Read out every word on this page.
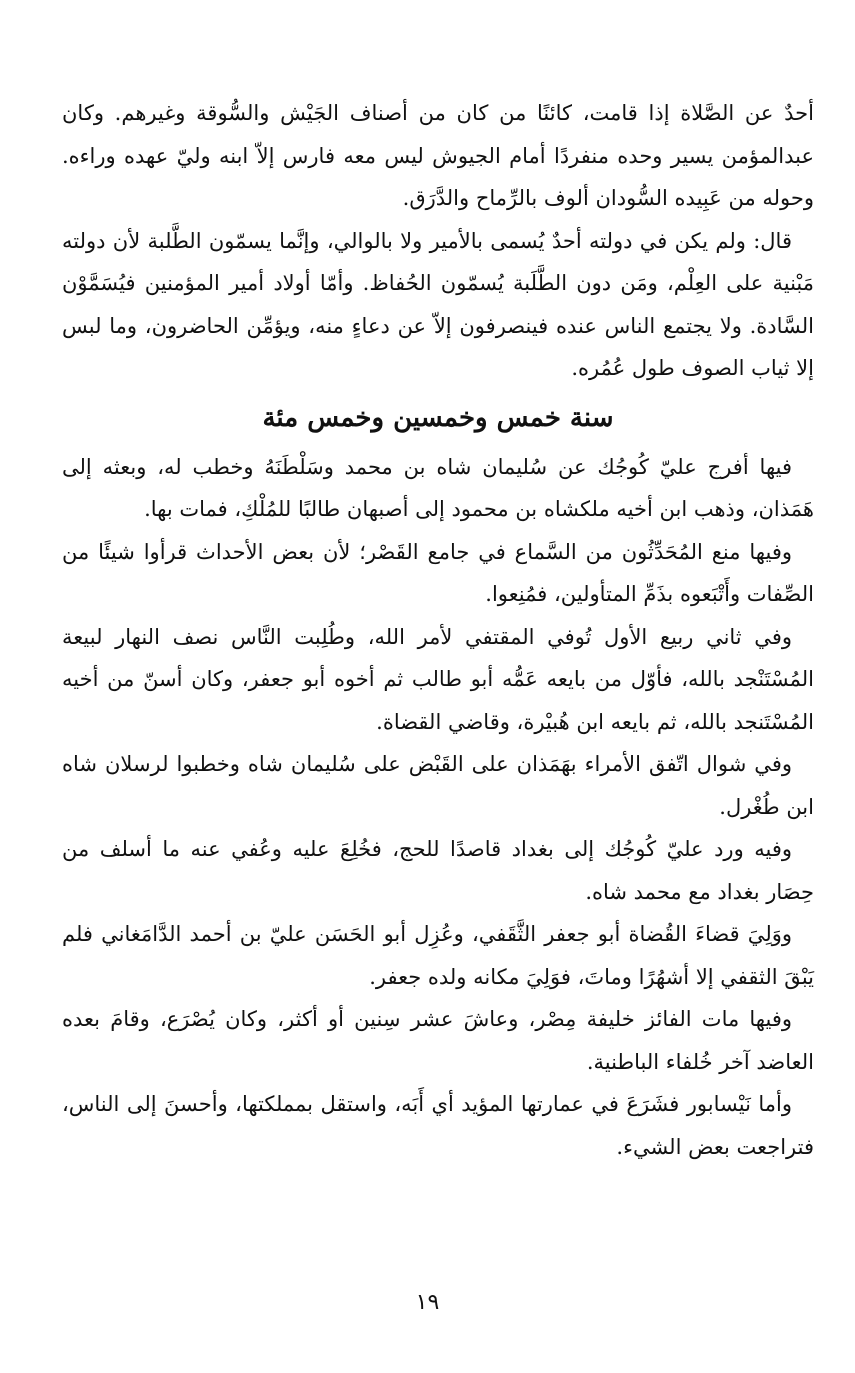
أحدٌ عن الصَّلاة إذا قامت، كائنًا من كان من أصناف الجَيْش والسُّوقة وغيرهم. وكان عبدالمؤمن يسير وحده منفردًا أمام الجيوش ليس معه فارس إلاّ ابنه وليّ عهده وراءه. وحوله من عَبِيده السُّودان ألوف بالرِّماح والدَّرَق.

قال: ولم يكن في دولته أحدٌ يُسمى بالأمير ولا بالوالي، وإنَّما يسمّون الطَّلبة لأن دولته مَبْنية على العِلْم، ومَن دون الطَّلَبة يُسمّون الحُفاظ. وأمّا أولاد أمير المؤمنين فيُسَمَّوْن السَّادة. ولا يجتمع الناس عنده فينصرفون إلاّ عن دعاءٍ منه، ويؤمِّن الحاضرون، وما لبس إلا ثياب الصوف طول عُمُره.

سنة خمس وخمسين وخمس مئة

فيها أفرج عليّ كُوجُك عن سُليمان شاه بن محمد وسَلْطَنَهُ وخطب له، وبعثه إلى هَمَذان، وذهب ابن أخيه ملكشاه بن محمود إلى أصبهان طالبًا للمُلْكِ، فمات بها.

وفيها منع المُحَدِّثُون من السَّماع في جامع القَصْر؛ لأن بعض الأحداث قرأوا شيئًا من الصِّفات وأَتْبَعوه بذَمِّ المتأولين، فمُنِعوا.

وفي ثاني ربيع الأول تُوفي المقتفي لأمر الله، وطُلِبت النَّاس نصف النهار لبيعة المُسْتَنْجد بالله، فأوّل من بايعه عَمُّه أبو طالب ثم أخوه أبو جعفر، وكان أسنّ من أخيه المُسْتَنجد بالله، ثم بايعه ابن هُبيْرة، وقاضي القضاة.

وفي شوال اتّفق الأمراء بهَمَذان على القَبْض على سُليمان شاه وخطبوا لرسلان شاه ابن طُغْرل.

وفيه ورد عليّ كُوجُك إلى بغداد قاصدًا للحج، فخُلِعَ عليه وعُفي عنه ما أسلف من حِصَار بغداد مع محمد شاه.

ووَلِيَ قضاءَ القُضاة أبو جعفر الثَّقَفي، وعُزِل أبو الحَسَن عليّ بن أحمد الدَّامَغاني فلم يَبْقَ الثقفي إلا أشهُرًا وماتَ، فوَلِيَ مكانه ولده جعفر.

وفيها مات الفائز خليفة مِصْر، وعاشَ عشر سِنين أو أكثر، وكان يُصْرَع، وقامَ بعده العاضد آخر خُلفاء الباطنية.

وأما نَيْسابور فشَرَعَ في عمارتها المؤيد أي أَبَه، واستقل بمملكتها، وأحسنَ إلى الناس، فتراجعت بعض الشيء.

١٩
